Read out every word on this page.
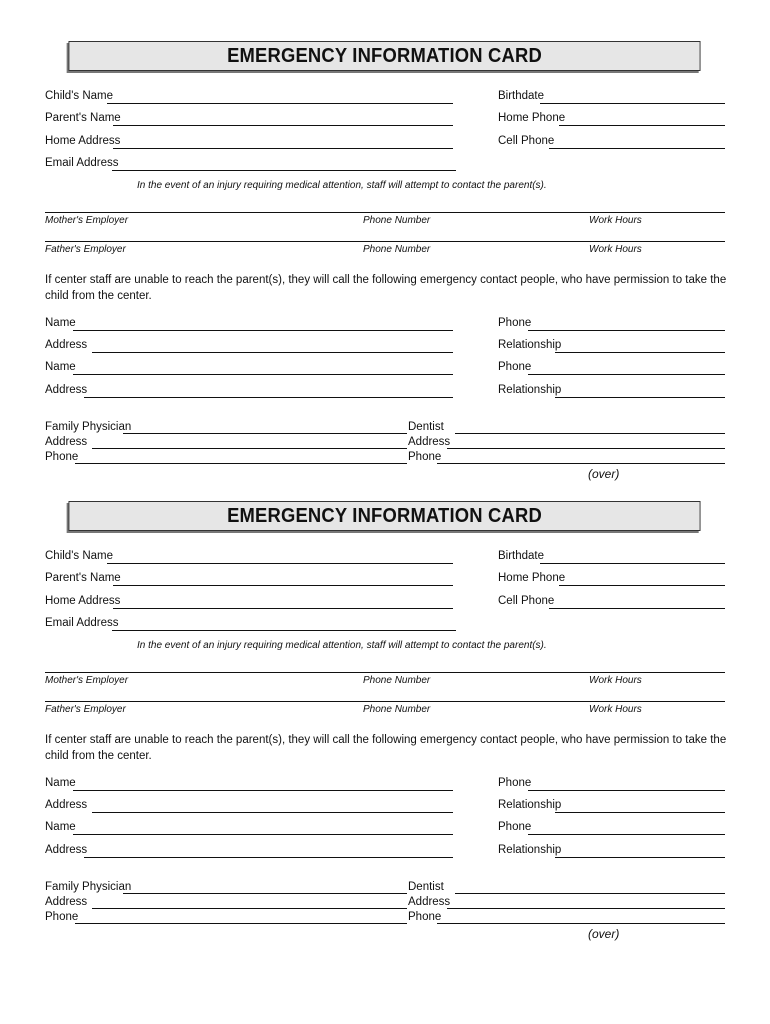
EMERGENCY INFORMATION CARD
Child's Name	Birthdate
Parent's Name	Home Phone
Home Address	Cell Phone
Email Address
In the event of an injury requiring medical attention, staff will attempt to contact the parent(s).
Mother's Employer	Phone Number	Work Hours
Father's Employer	Phone Number	Work Hours
If center staff are unable to reach the parent(s), they will call the following emergency contact people, who have permission to take the child from the center.
Name	Phone
Address	Relationship
Name	Phone
Address	Relationship
Family Physician	Dentist
Address	Address
Phone	Phone
(over)
EMERGENCY INFORMATION CARD
Child's Name	Birthdate
Parent's Name	Home Phone
Home Address	Cell Phone
Email Address
In the event of an injury requiring medical attention, staff will attempt to contact the parent(s).
Mother's Employer	Phone Number	Work Hours
Father's Employer	Phone Number	Work Hours
If center staff are unable to reach the parent(s), they will call the following emergency contact people, who have permission to take the child from the center.
Name	Phone
Address	Relationship
Name	Phone
Address	Relationship
Family Physician	Dentist
Address	Address
Phone	Phone
(over)
